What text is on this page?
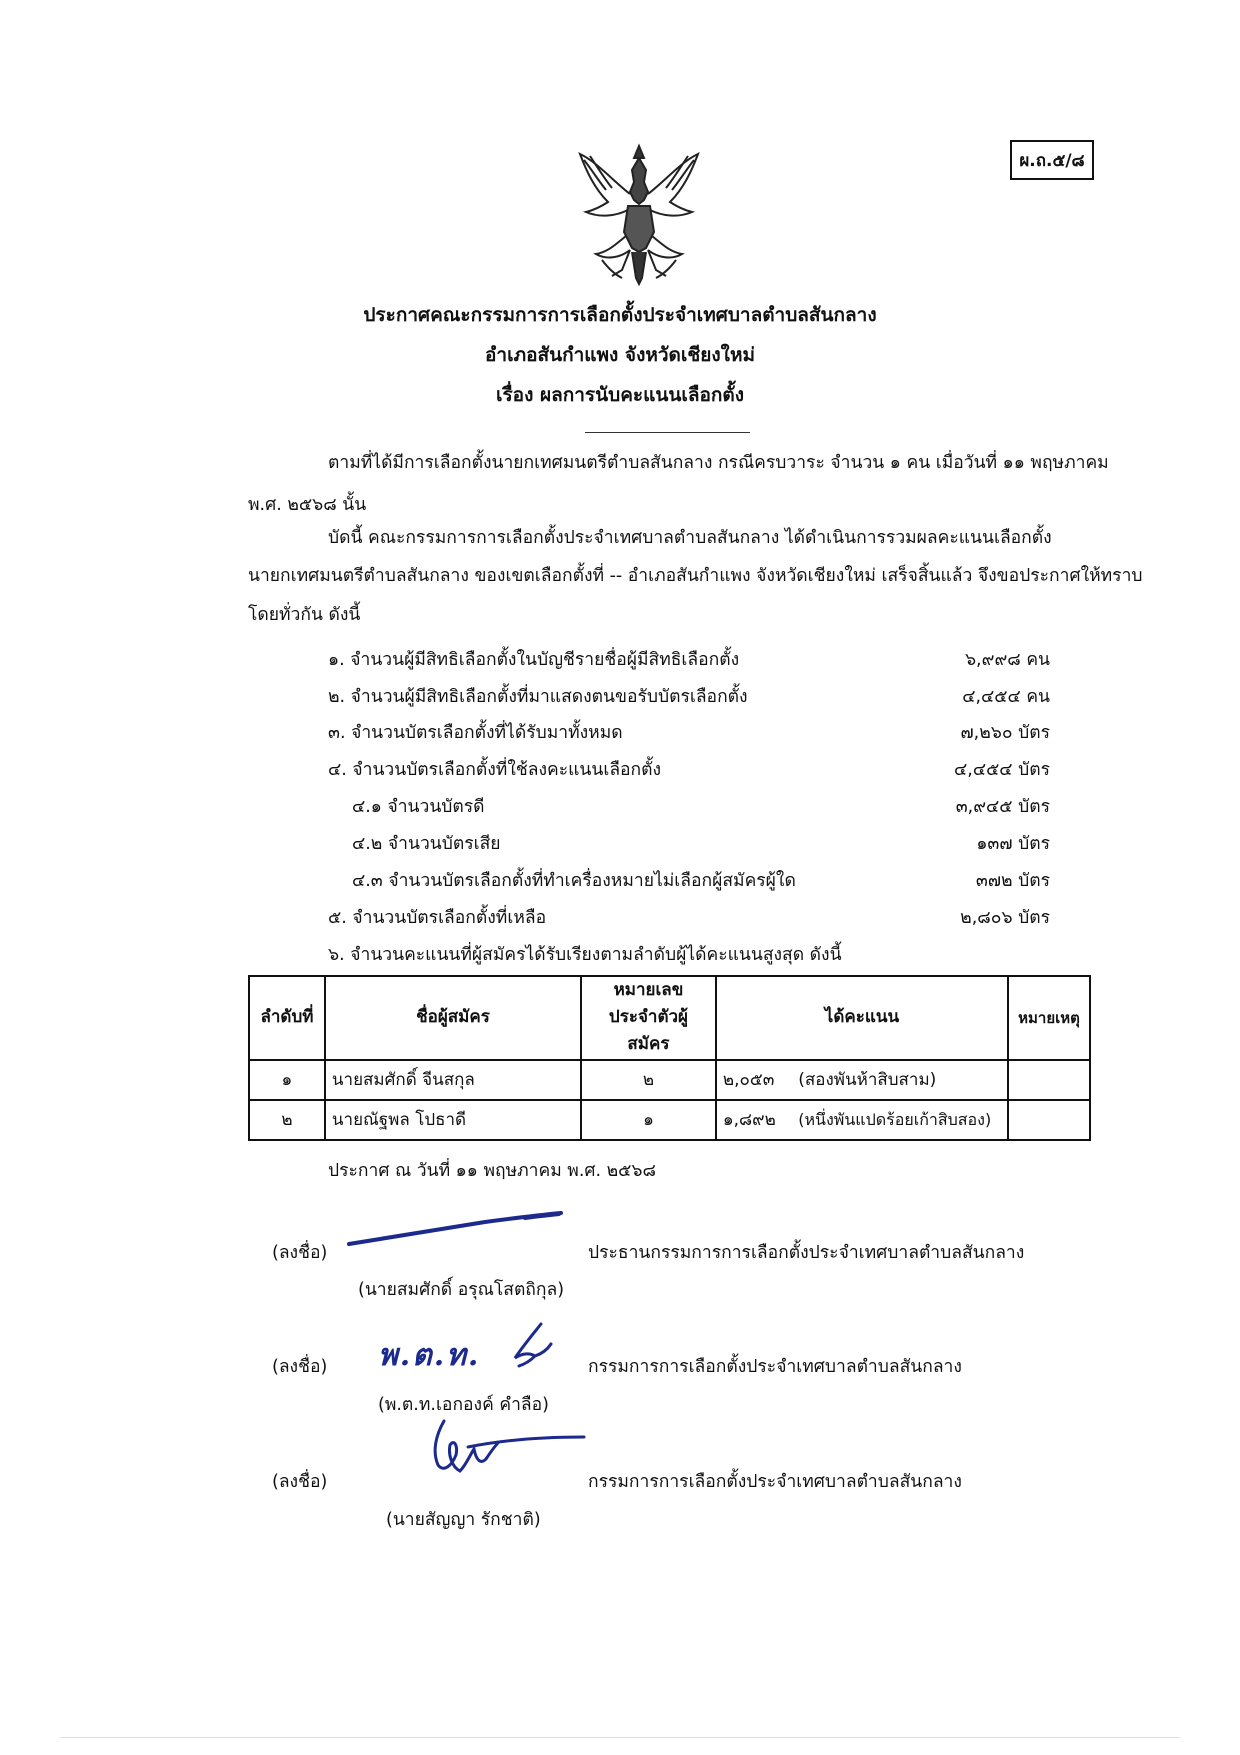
ผ.ถ.๕/๘
ประกาศคณะกรรมการการเลือกตั้งประจำเทศบาลตำบลสันกลาง
อำเภอสันกำแพง จังหวัดเชียงใหม่
เรื่อง ผลการนับคะแนนเลือกตั้ง
ตามที่ได้มีการเลือกตั้งนายกเทศมนตรีตำบลสันกลาง กรณีครบวาระ จำนวน ๑ คน เมื่อวันที่ ๑๑ พฤษภาคม
พ.ศ. ๒๕๖๘ นั้น
บัดนี้ คณะกรรมการการเลือกตั้งประจำเทศบาลตำบลสันกลาง ได้ดำเนินการรวมผลคะแนนเลือกตั้ง
นายกเทศมนตรีตำบลสันกลาง ของเขตเลือกตั้งที่ -- อำเภอสันกำแพง จังหวัดเชียงใหม่ เสร็จสิ้นแล้ว จึงขอประกาศให้ทราบ
โดยทั่วกัน ดังนี้
๑. จำนวนผู้มีสิทธิเลือกตั้งในบัญชีรายชื่อผู้มีสิทธิเลือกตั้ง	๖,๙๙๘ คน
๒. จำนวนผู้มีสิทธิเลือกตั้งที่มาแสดงตนขอรับบัตรเลือกตั้ง	๔,๔๕๔ คน
๓. จำนวนบัตรเลือกตั้งที่ได้รับมาทั้งหมด	๗,๒๖๐ บัตร
๔. จำนวนบัตรเลือกตั้งที่ใช้ลงคะแนนเลือกตั้ง	๔,๔๕๔ บัตร
๔.๑ จำนวนบัตรดี	๓,๙๔๕ บัตร
๔.๒ จำนวนบัตรเสีย	๑๓๗ บัตร
๔.๓ จำนวนบัตรเลือกตั้งที่ทำเครื่องหมายไม่เลือกผู้สมัครผู้ใด	๓๗๒ บัตร
๕. จำนวนบัตรเลือกตั้งที่เหลือ	๒,๘๐๖ บัตร
๖. จำนวนคะแนนที่ผู้สมัครได้รับเรียงตามลำดับผู้ได้คะแนนสูงสุด ดังนี้
ลำดับที่	ชื่อผู้สมัคร	หมายเลข
ประจำตัวผู้สมัคร	ได้คะแนน	หมายเหตุ
๑	นายสมศักดิ์ จีนสกุล	๒	๒,๐๕๓ (สองพันห้าสิบสาม)	
๒	นายณัฐพล โปธาดี	๑	๑,๘๙๒ (หนึ่งพันแปดร้อยเก้าสิบสอง)	
ประกาศ ณ วันที่ ๑๑ พฤษภาคม พ.ศ. ๒๕๖๘
(ลงชื่อ)	ประธานกรรมการการเลือกตั้งประจำเทศบาลตำบลสันกลาง
(นายสมศักดิ์ อรุณโสตถิกุล)
(ลงชื่อ) พ.ต.ท.	กรรมการการเลือกตั้งประจำเทศบาลตำบลสันกลาง
(พ.ต.ท.เอกองค์ คำลือ)
(ลงชื่อ)	กรรมการการเลือกตั้งประจำเทศบาลตำบลสันกลาง
(นายสัญญา รักชาติ)
